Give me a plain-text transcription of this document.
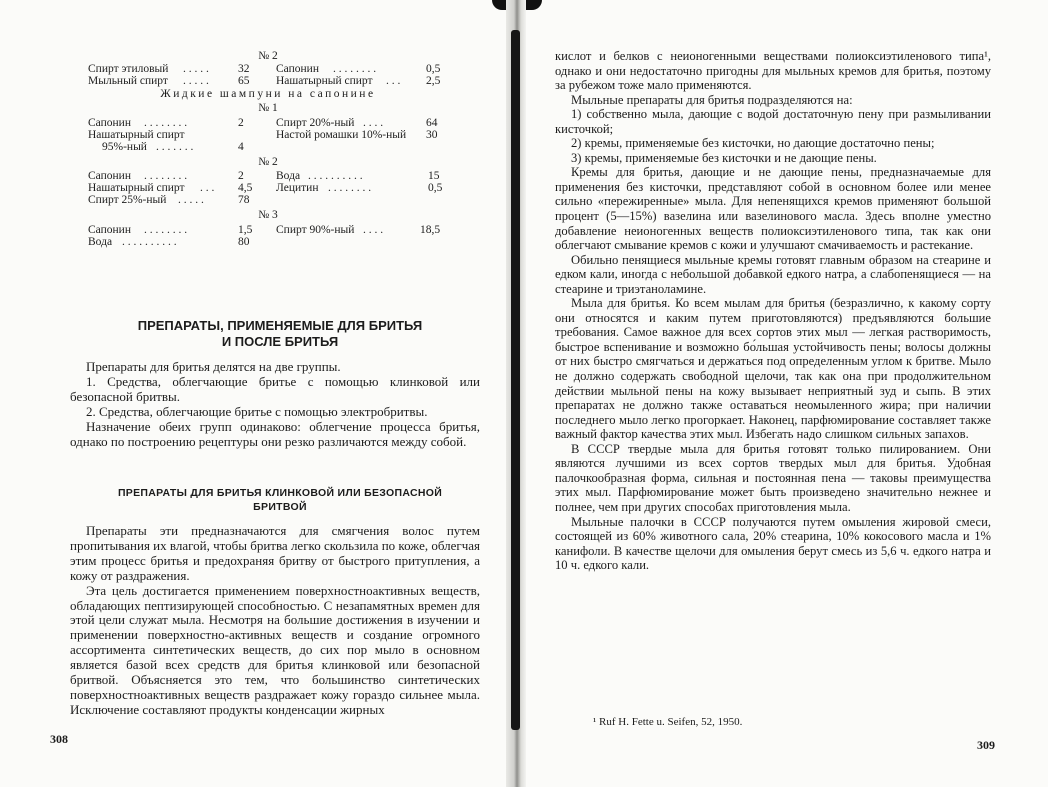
№ 2
Спирт этиловый . . . . .	32 Сапонин . . . . . . . .	0,5
Мыльный спирт . . . . .	65 Нашатырный спирт . . . 2,5
Жидкие шампуни на сапонине
№ 1
Сапонин . . . . . . . .	2	Спирт 20%-ный . . . .	64
Нашатырный спирт	Настой ромашки 10%-ный 30
95%-ный . . . . . . .	4
№ 2
Сапонин . . . . . . . .	2	Вода . . . . . . . . . .	15
Нашатырный спирт . . . 4,5 Лецитин . . . . . . . .	0,5
Спирт 25%-ный . . . . .	78
№ 3
Сапонин . . . . . . . .	1,5 Спирт 90%-ный . . . .	18,5
Вода . . . . . . . . . .	80

ПРЕПАРАТЫ, ПРИМЕНЯЕМЫЕ ДЛЯ БРИТЬЯ

И ПОСЛЕ БРИТЬЯ

Препараты для бритья делятся на две группы.

1. Средства, облегчающие бритье с помощью клинковой или безопасной бритвы.

2. Средства, облегчающие бритье с помощью электробритвы.

Назначение обеих групп одинаково: облегчение процесса бритья, однако по построению рецептуры они резко различаются между собой.

ПРЕПАРАТЫ ДЛЯ БРИТЬЯ КЛИНКОВОЙ ИЛИ БЕЗОПАСНОЙ

БРИТВОЙ

Препараты эти предназначаются для смягчения волос путем пропитывания их влагой, чтобы бритва легко скользила по коже, облегчая этим процесс бритья и предохраняя бритву от быстрого притупления, а кожу от раздражения.

Эта цель достигается применением поверхностноактивных веществ, обладающих пептизирующей способностью. С незапамятных времен для этой цели служат мыла. Несмотря на большие достижения в изучении и применении поверхностно-активных веществ и создание огромного ассортимента синтетических веществ, до сих пор мыло в основном является базой всех средств для бритья клинковой или безопасной бритвой. Объясняется это тем, что большинство синтетических поверхностноактивных веществ раздражает кожу гораздо сильнее мыла. Исключение составляют продукты конденсации жирных

308

кислот и белков с неионогенными веществами полиоксиэтиленового типа¹, однако и они недостаточно пригодны для мыльных кремов для бритья, поэтому за рубежом тоже мало применяются.

Мыльные препараты для бритья подразделяются на:

1) собственно мыла, дающие с водой достаточную пену при размыливании кисточкой;

2) кремы, применяемые без кисточки, но дающие достаточно пены;

3) кремы, применяемые без кисточки и не дающие пены.

Кремы для бритья, дающие и не дающие пены, предназначаемые для применения без кисточки, представляют собой в основном более или менее сильно «пережиренные» мыла. Для непенящихся кремов применяют большой процент (5—15%) вазелина или вазелинового масла. Здесь вполне уместно добавление неионогенных веществ полиоксиэтиленового типа, так как они облегчают смывание кремов с кожи и улучшают смачиваемость и растекание.

Обильно пенящиеся мыльные кремы готовят главным образом на стеарине и едком кали, иногда с небольшой добавкой едкого натра, а слабопенящиеся — на стеарине и триэтаноламине.

Мыла для бритья. Ко всем мылам для бритья (безразлично, к какому сорту они относятся и каким путем приготовляются) предъявляются большие требования. Самое важное для всех сортов этих мыл — легкая растворимость, быстрое вспенивание и возможно бо́льшая устойчивость пены; волосы должны от них быстро смягчаться и держаться под определенным углом к бритве. Мыло не должно содержать свободной щелочи, так как она при продолжительном действии мыльной пены на кожу вызывает неприятный зуд и сыпь. В этих препаратах не должно также оставаться неомыленного жира; при наличии последнего мыло легко прогоркает. Наконец, парфюмирование составляет также важный фактор качества этих мыл. Избегать надо слишком сильных запахов.

В СССР твердые мыла для бритья готовят только пилированием. Они являются лучшими из всех сортов твердых мыл для бритья. Удобная палочкообразная форма, сильная и постоянная пена — таковы преимущества этих мыл. Парфюмирование может быть произведено значительно нежнее и полнее, чем при других способах приготовления мыла.

Мыльные палочки в СССР получаются путем омыления жировой смеси, состоящей из 60% животного сала, 20% стеарина, 10% кокосового масла и 1% канифоли. В качестве щелочи для омыления берут смесь из 5,6 ч. едкого натра и 10 ч. едкого кали.

¹ Ruf H. Fette u. Seifen, 52, 1950.
309
